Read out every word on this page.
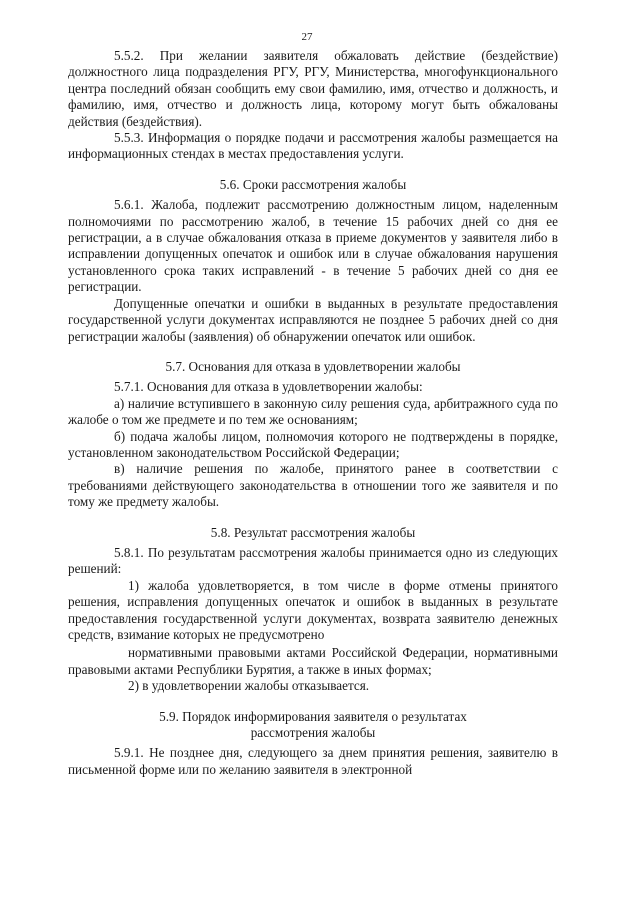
27

5.5.2. При желании заявителя обжаловать действие (бездействие) должностного лица подразделения РГУ, РГУ, Министерства, многофункционального центра последний обязан сообщить ему свои фамилию, имя, отчество и должность, и фамилию, имя, отчество и должность лица, которому могут быть обжалованы действия (бездействия).

5.5.3. Информация о порядке подачи и рассмотрения жалобы размещается на информационных стендах в местах предоставления услуги.

5.6. Сроки рассмотрения жалобы

5.6.1. Жалоба, подлежит рассмотрению должностным лицом, наделенным полномочиями по рассмотрению жалоб, в течение 15 рабочих дней со дня ее регистрации, а в случае обжалования отказа в приеме документов у заявителя либо в исправлении допущенных опечаток и ошибок или в случае обжалования нарушения установленного срока таких исправлений - в течение 5 рабочих дней со дня ее регистрации.

Допущенные опечатки и ошибки в выданных в результате предоставления государственной услуги документах исправляются не позднее 5 рабочих дней со дня регистрации жалобы (заявления) об обнаружении опечаток или ошибок.

5.7. Основания для отказа в удовлетворении жалобы

5.7.1. Основания для отказа в удовлетворении жалобы:

а) наличие вступившего в законную силу решения суда, арбитражного суда по жалобе о том же предмете и по тем же основаниям;

б) подача жалобы лицом, полномочия которого не подтверждены в порядке, установленном законодательством Российской Федерации;

в) наличие решения по жалобе, принятого ранее в соответствии с требованиями действующего законодательства в отношении того же заявителя и по тому же предмету жалобы.

5.8. Результат рассмотрения жалобы

5.8.1. По результатам рассмотрения жалобы принимается одно из следующих решений:

1) жалоба удовлетворяется, в том числе в форме отмены принятого решения, исправления допущенных опечаток и ошибок в выданных в результате предоставления государственной услуги документах, возврата заявителю денежных средств, взимание которых не предусмотрено

нормативными правовыми актами Российской Федерации, нормативными правовыми актами Республики Бурятия, а также в иных формах;

2) в удовлетворении жалобы отказывается.

5.9. Порядок информирования заявителя о результатах
рассмотрения жалобы

5.9.1. Не позднее дня, следующего за днем принятия решения, заявителю в письменной форме или по желанию заявителя в электронной
